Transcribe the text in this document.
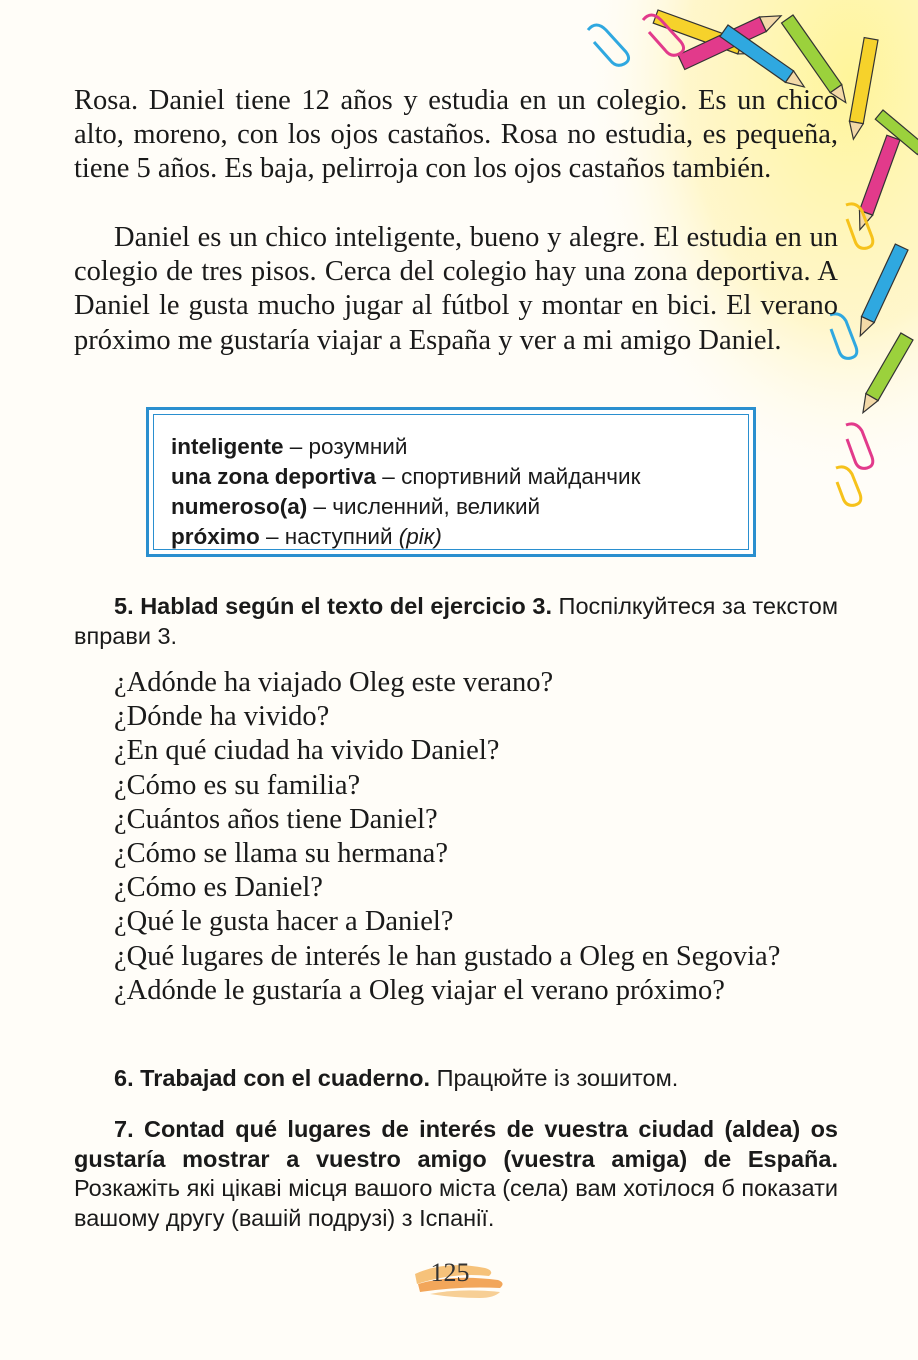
Rosa. Daniel tiene 12 años y estudia en un colegio. Es un chico alto, moreno, con los ojos castaños. Rosa no estudia, es pequeña, tiene 5 años. Es baja, pelirroja con los ojos castaños también.

Daniel es un chico inteligente, bueno y alegre. El estudia en un colegio de tres pisos. Cerca del colegio hay una zona deportiva. A Daniel le gusta mucho jugar al fútbol y montar en bici. El verano próximo me gustaría viajar a España y ver a mi amigo Daniel.

inteligente – розумний
una zona deportiva – спортивний майданчик
numeroso(a) – численний, великий
próximo – наступний (рік)

5. Hablad según el texto del ejercicio 3. Поспілкуйтеся за текстом вправи 3.

¿Adónde ha viajado Oleg este verano?
¿Dónde ha vivido?
¿En qué ciudad ha vivido Daniel?
¿Cómo es su familia?
¿Cuántos años tiene Daniel?
¿Cómo se llama su hermana?
¿Cómo es Daniel?
¿Qué le gusta hacer a Daniel?
¿Qué lugares de interés le han gustado a Oleg en Segovia?
¿Adónde le gustaría a Oleg viajar el verano próximo?

6. Trabajad con el cuaderno. Працюйте із зошитом.

7. Contad qué lugares de interés de vuestra ciudad (aldea) os gustaría mostrar a vuestro amigo (vuestra amiga) de España. Розкажіть які цікаві місця вашого міста (села) вам хотілося б показати вашому другу (вашій подрузі) з Іспанії.

125
